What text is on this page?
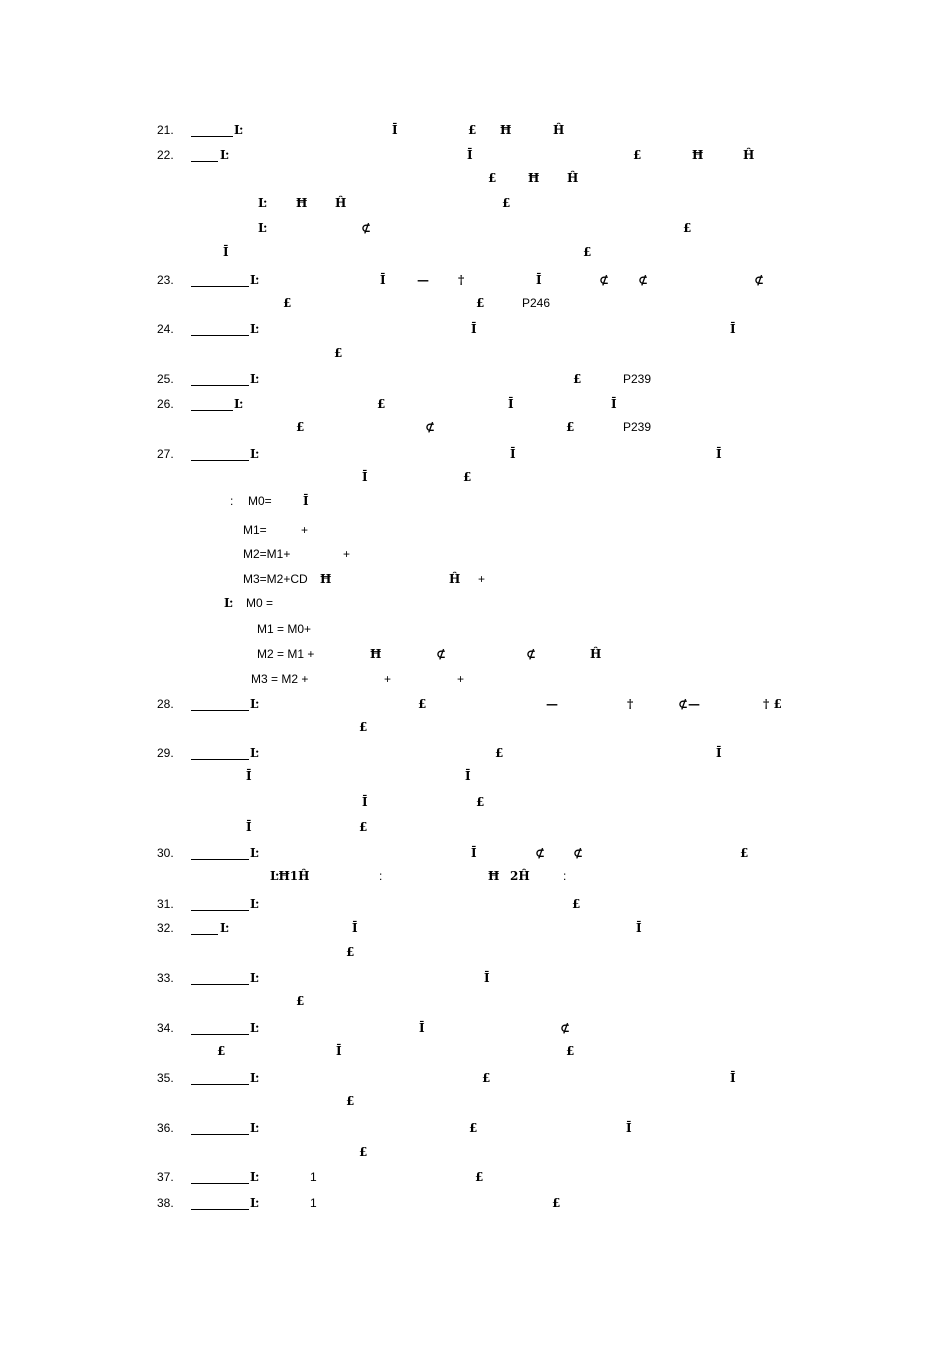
21.	Ŀ	Ī	£ Ħ	Ĥ
22.	Ŀ	Ī	£	Ħ	Ĥ
£	Ħ Ĥ
Ŀ Ħ Ĥ	£
Ŀ	⊄	£
Ī	£
23.	Ŀ	Ī	— †	Ī	⊄ ⊄	⊄
£	£	P246
24.	Ŀ	Ī	Ī
£
25.	Ŀ	£	P239
26.	Ŀ	£	Ī	Ī
£	⊄	£	P239
27.	Ŀ	Ī	Ī
Ī	£
: M0=	Ī
M1=	+
M2=M1+	+
M3=M2+CD Ħ	Ĥ +
Ŀ M0 =
M1 = M0+
M2 = M1 +	Ħ	⊄	⊄	Ĥ
M3 = M2 +	+	+
28.	Ŀ	£	—	†	⊄—	† £
£
29.	Ŀ	£	Ī
Ī	Ī
Ī	£
Ī	£
30.	Ŀ	Ī	⊄ ⊄	£
ĿĦ1Ĥ	:	Ħ 2Ĥ	:
31.	Ŀ	£
32.	Ŀ	Ī	Ī
£
33.	Ŀ	Ī
£
34.	Ŀ	Ī	⊄
£	Ī	£
35.	Ŀ	£	Ī
£
36.	Ŀ	£	Ī
£
37.	Ŀ	1	£
38.	Ŀ	1	£
